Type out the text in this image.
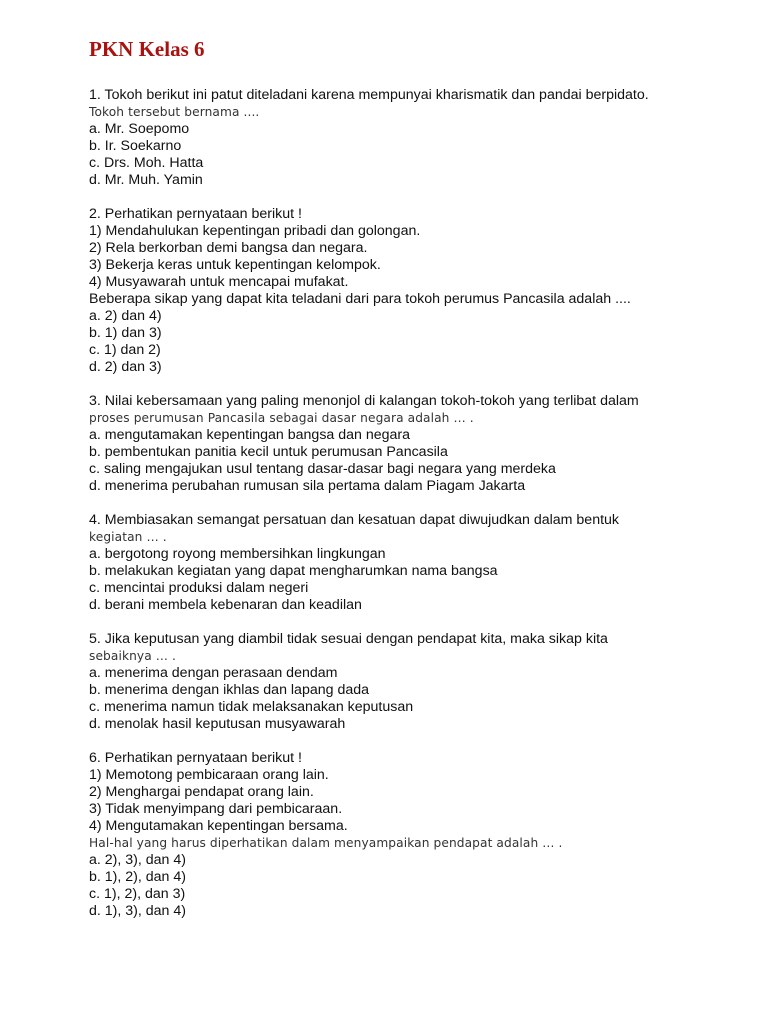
PKN Kelas 6
1. Tokoh berikut ini patut diteladani karena mempunyai kharismatik dan pandai berpidato.
Tokoh tersebut bernama ....
a. Mr. Soepomo
b. Ir. Soekarno
c. Drs. Moh. Hatta
d. Mr. Muh. Yamin
2. Perhatikan pernyataan berikut !
1) Mendahulukan kepentingan pribadi dan golongan.
2) Rela berkorban demi bangsa dan negara.
3) Bekerja keras untuk kepentingan kelompok.
4) Musyawarah untuk mencapai mufakat.
Beberapa sikap yang dapat kita teladani dari para tokoh perumus Pancasila adalah ....
a. 2) dan 4)
b. 1) dan 3)
c. 1) dan 2)
d. 2) dan 3)
3. Nilai kebersamaan yang paling menonjol di kalangan tokoh-tokoh yang terlibat dalam
proses perumusan Pancasila sebagai dasar negara adalah … .
a. mengutamakan kepentingan bangsa dan negara
b. pembentukan panitia kecil untuk perumusan Pancasila
c. saling mengajukan usul tentang dasar-dasar bagi negara yang merdeka
d. menerima perubahan rumusan sila pertama dalam Piagam Jakarta
4. Membiasakan semangat persatuan dan kesatuan dapat diwujudkan dalam bentuk
kegiatan … .
a. bergotong royong membersihkan lingkungan
b. melakukan kegiatan yang dapat mengharumkan nama bangsa
c. mencintai produksi dalam negeri
d. berani membela kebenaran dan keadilan
5. Jika keputusan yang diambil tidak sesuai dengan pendapat kita, maka sikap kita
sebaiknya … .
a. menerima dengan perasaan dendam
b. menerima dengan ikhlas dan lapang dada
c. menerima namun tidak melaksanakan keputusan
d. menolak hasil keputusan musyawarah
6. Perhatikan pernyataan berikut !
1) Memotong pembicaraan orang lain.
2) Menghargai pendapat orang lain.
3) Tidak menyimpang dari pembicaraan.
4) Mengutamakan kepentingan bersama.
Hal-hal yang harus diperhatikan dalam menyampaikan pendapat adalah … .
a. 2), 3), dan 4)
b. 1), 2), dan 4)
c. 1), 2), dan 3)
d. 1), 3), dan 4)
